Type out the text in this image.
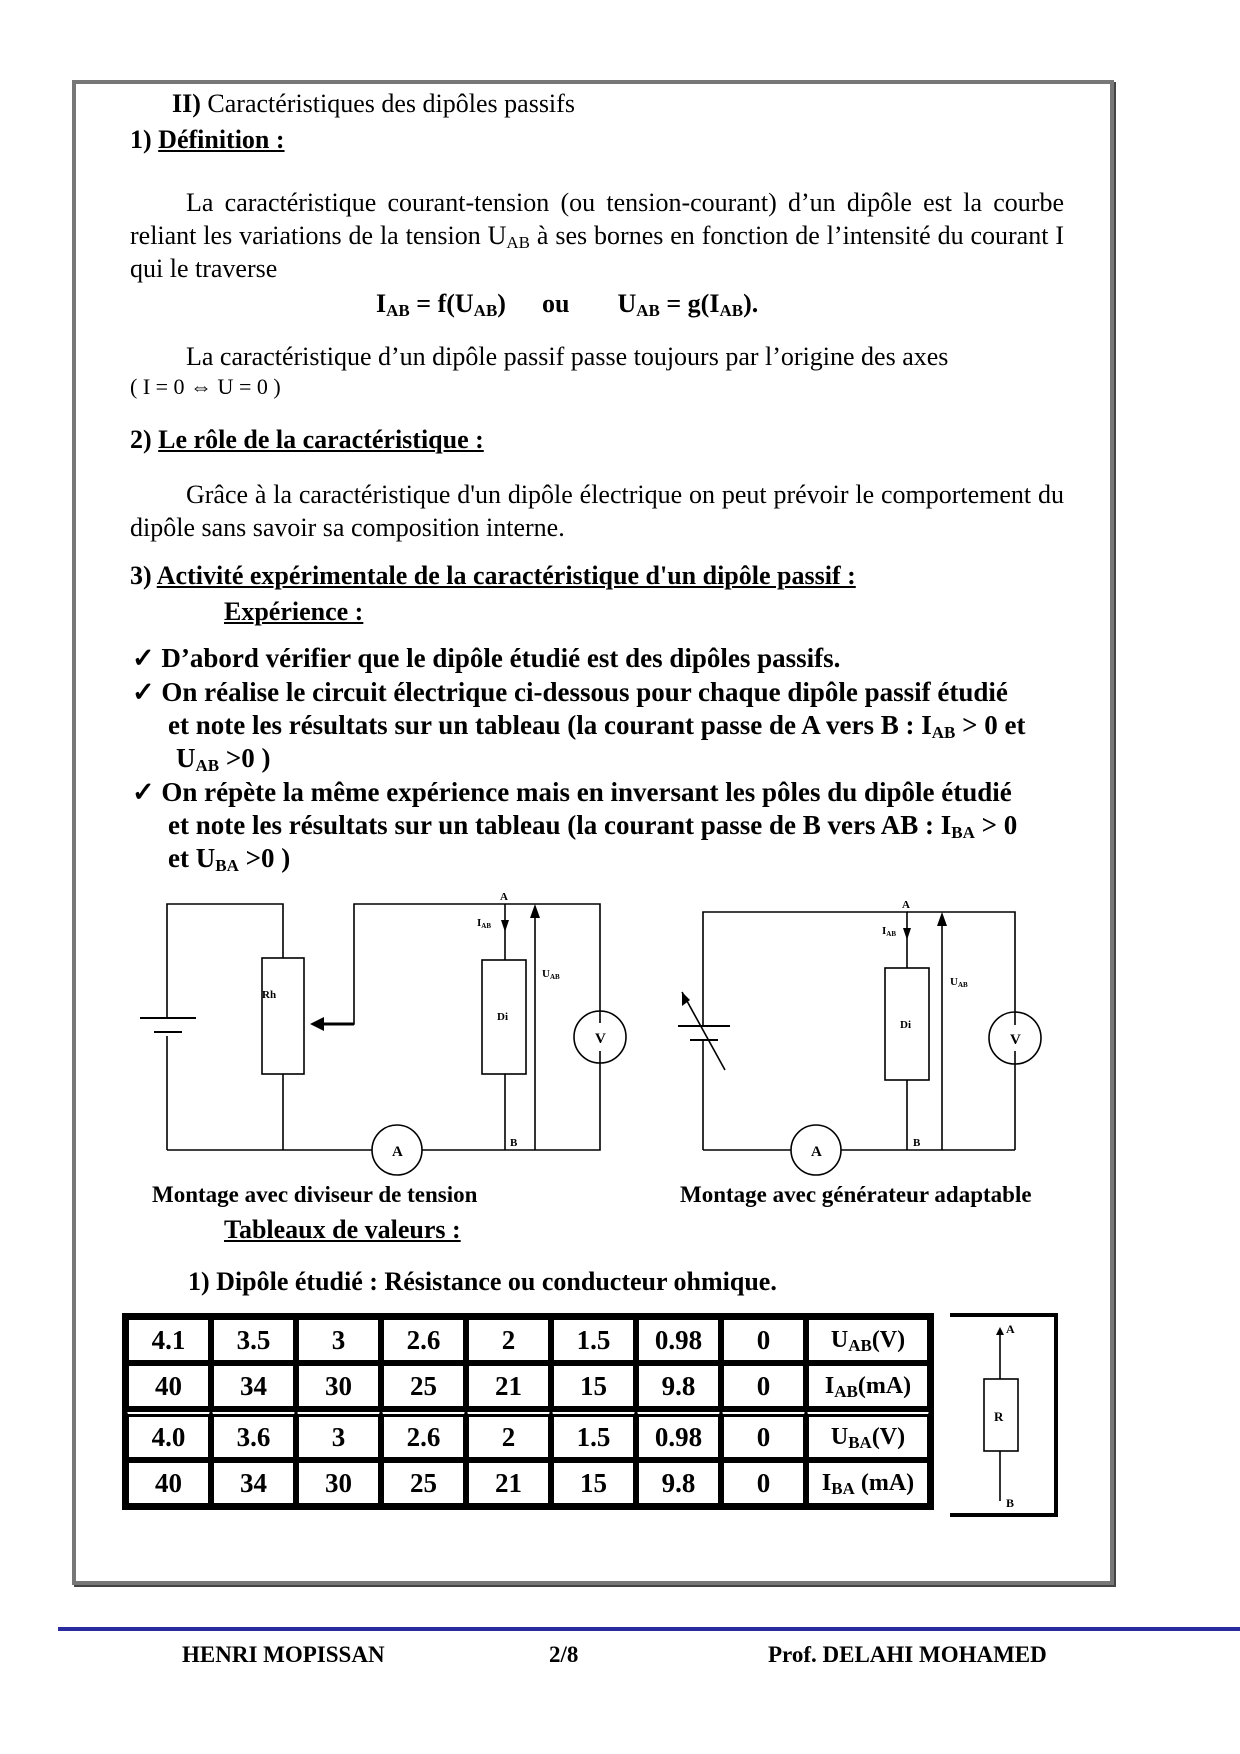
II) Caractéristiques des dipôles passifs
1) Définition :
La caractéristique courant-tension (ou tension-courant) d’un dipôle est la courbe reliant les variations de la tension $U_{AB}$ à ses bornes en fonction de l’intensité du courant I qui le traverse
$I_{AB} = f(U_{AB})$ ou $U_{AB} = g(I_{AB})$.
La caractéristique d’un dipôle passif passe toujours par l’origine des axes
( I = 0 ⇔ U = 0 )
2) Le rôle de la caractéristique :
Grâce à la caractéristique d'un dipôle électrique on peut prévoir le comportement du dipôle sans savoir sa composition interne.
3) Activité expérimentale de la caractéristique d'un dipôle passif :
Expérience :
✓ D’abord vérifier que le dipôle étudié est des dipôles passifs.
✓ On réalise le circuit électrique ci-dessous pour chaque dipôle passif étudié
et note les résultats sur un tableau (la courant passe de A vers B : $I_{AB} > 0$ et
$U_{AB} >0$ )
✓ On répète la même expérience mais en inversant les pôles du dipôle étudié
et note les résultats sur un tableau (la courant passe de B vers AB : $I_{BA} > 0$
et $U_{BA} >0$ )
Rh
Di
V
A
A
B
IAB
UAB
Montage avec diviseur de tension
Di
V
A
A
B
IAB
UAB
Montage avec générateur adaptable
Tableaux de valeurs :
1) Dipôle étudié : Résistance ou conducteur ohmique.
4.1	3.5	3	2.6	2	1.5	0.98	0	$U_{AB}(V)$
40	34	30	25	21	15	9.8	0	$I_{AB}(mA)$
4.0	3.6	3	2.6	2	1.5	0.98	0	$U_{BA}(V)$
40	34	30	25	21	15	9.8	0	$I_{BA}$ (mA)
A
R
B
HENRI MOPISSAN	2/8	Prof. DELAHI MOHAMED
